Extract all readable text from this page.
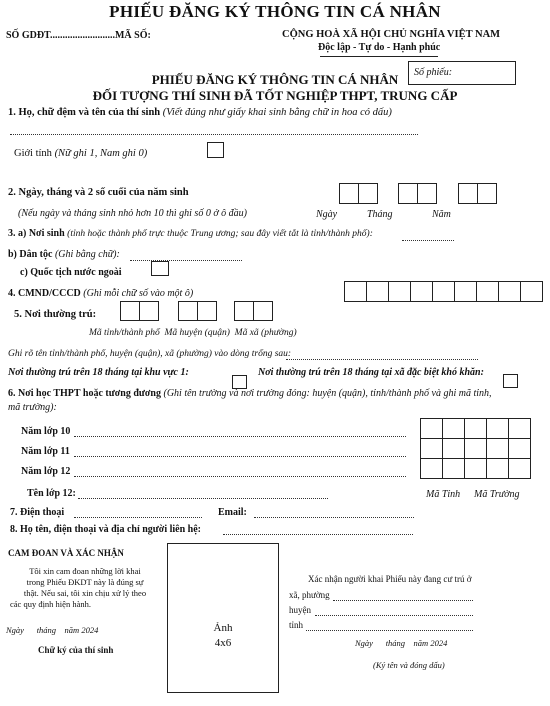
PHIẾU ĐĂNG KÝ THÔNG TIN CÁ NHÂN
SỐ GDĐT..........................MÃ SỐ:	CỘNG HOÀ XÃ HỘI CHỦ NGHĨA VIỆT NAM
Độc lập - Tự do - Hạnh phúc
Số phiếu:
PHIẾU ĐĂNG KÝ THÔNG TIN CÁ NHÂN
ĐỐI TƯỢNG THÍ SINH ĐÃ TỐT NGHIỆP THPT, TRUNG CẤP
1. Họ, chữ đệm và tên của thí sinh (Viết đúng như giấy khai sinh bằng chữ in hoa có dấu)
Giới tính (Nữ ghi 1, Nam ghi 0)
2. Ngày, tháng và 2 số cuối của năm sinh
(Nếu ngày và tháng sinh nhỏ hơn 10 thì ghi số 0 ở ô đầu)	Ngày	Tháng	Năm
3. a) Nơi sinh (tỉnh hoặc thành phố trực thuộc Trung ương; sau đây viết tắt là tỉnh/thành phố):
b) Dân tộc (Ghi bằng chữ):
c) Quốc tịch nước ngoài
4. CMND/CCCD (Ghi mỗi chữ số vào một ô)

5. Nơi thường trú:
Mã tỉnh/thành phố Mã huyện (quận) Mã xã (phường)
Ghi rõ tên tỉnh/thành phố, huyện (quận), xã (phường) vào dòng trống sau:
Nơi thường trú trên 18 tháng tại khu vực 1:	Nơi thường trú trên 18 tháng tại xã đặc biệt khó khăn:
6. Nơi học THPT hoặc tương đương (Ghi tên trường và nơi trường đóng: huyện (quận), tỉnh/thành phố và ghi mã tỉnh, mã trường):
Năm lớp 10
Năm lớp 11
Năm lớp 12
Tên lớp 12:

					Mã Tỉnh Mã Trường
7. Điện thoại	Email:
8. Họ tên, điện thoại và địa chỉ người liên hệ:
CAM ĐOAN VÀ XÁC NHẬN
Tôi xin cam đoan những lời khai
trong Phiếu ĐKDT này là đúng sự
thật. Nếu sai, tôi xin chịu xử lý theo
các quy định hiện hành.
Ngày      tháng    năm 2024
Chữ ký của thí sinh
Ảnh
4x6
Xác nhận người khai Phiếu này đang cư trú ở
xã, phường
huyện
tỉnh
Ngày      tháng    năm 2024
(Ký tên và đóng dấu)
